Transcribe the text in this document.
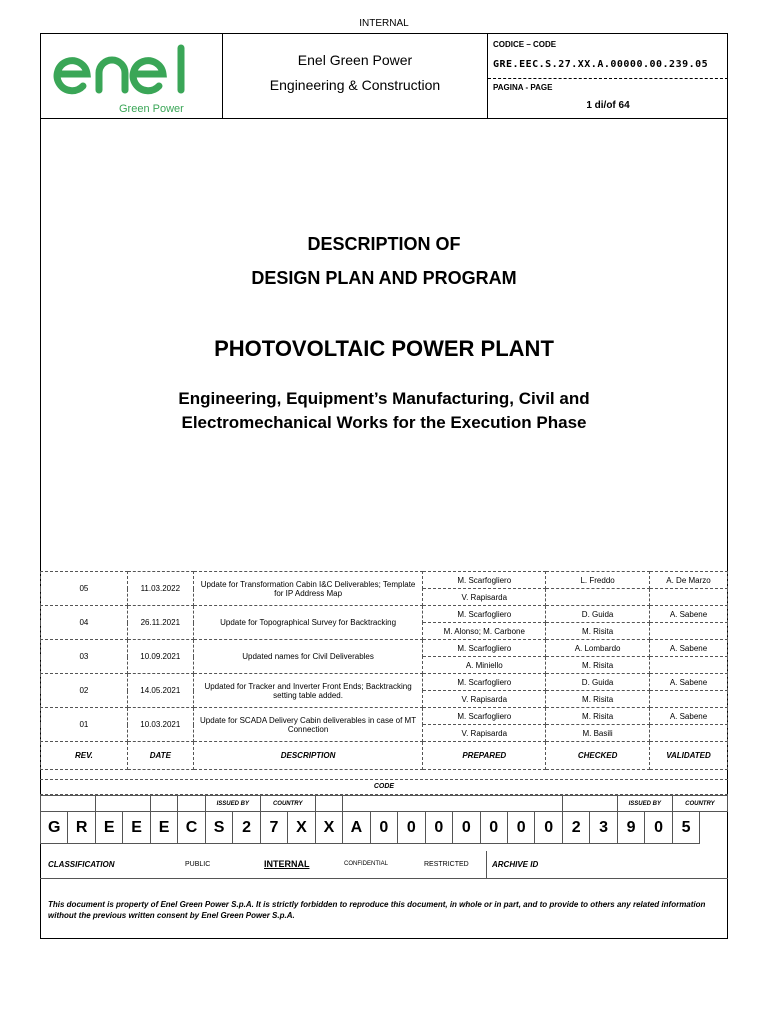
INTERNAL
Green Power
Enel Green Power
Engineering & Construction
CODICE – CODE
GRE.EEC.S.27.XX.A.00000.00.239.05
PAGINA - PAGE
1 di/of 64
DESCRIPTION OF
DESIGN PLAN AND PROGRAM
PHOTOVOLTAIC POWER PLANT
Engineering, Equipment’s Manufacturing, Civil and
Electromechanical Works for the Execution Phase
05	11.03.2022	Update for Transformation Cabin I&C Deliverables; Template for IP Address Map	M. Scarfogliero	L. Freddo	A. De Marzo
			V. Rapisarda		
04	26.11.2021	Update for Topographical Survey for Backtracking	M. Scarfogliero	D. Guida	A. Sabene
			M. Alonso; M. Carbone	M. Risita	
03	10.09.2021	Updated names for Civil Deliverables	M. Scarfogliero	A. Lombardo	A. Sabene
			A. Miniello	M. Risita	
02	14.05.2021	Updated for Tracker and Inverter Front Ends; Backtracking setting table added.	M. Scarfogliero	D. Guida	A. Sabene
			V. Rapisarda	M. Risita	
01	10.03.2021	Update for SCADA Delivery Cabin deliverables in case of MT Connection	M. Scarfogliero	M. Risita	A. Sabene
			V. Rapisarda	M. Basili	
REV.	DATE	DESCRIPTION	PREPARED	CHECKED	VALIDATED
CODE
						ISSUED BY		COUNTRY													ISSUED BY		COUNTRY
G	R	E	E	E	C	S	2	7	X	X	A	0	0	0	0	0	0	0	2	3	9	0	5
CLASSIFICATION	PUBLIC	INTERNAL	CONFIDENTIAL	RESTRICTED	ARCHIVE ID
This document is property of Enel Green Power S.p.A. It is strictly forbidden to reproduce this document, in whole or in part, and to provide to others any related information without the previous written consent by Enel Green Power S.p.A.
